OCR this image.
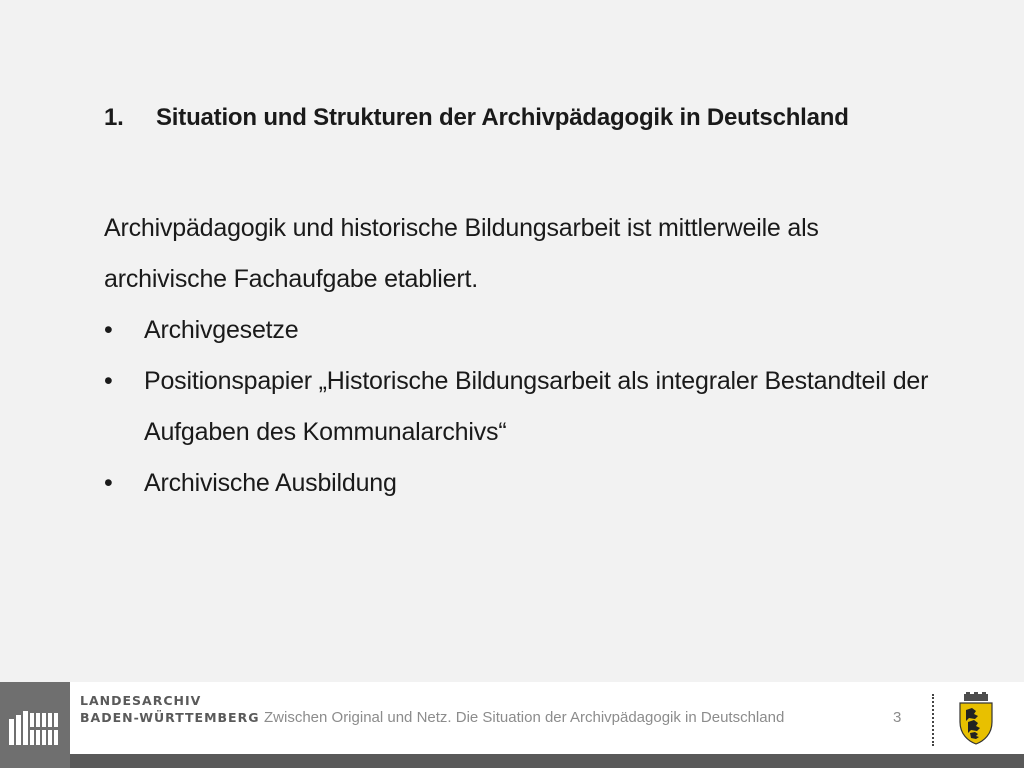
1.	Situation und Strukturen der Archivpädagogik in Deutschland
Archivpädagogik und historische Bildungsarbeit ist mittlerweile als archivische Fachaufgabe etabliert.
•	Archivgesetze
•	Positionspapier „Historische Bildungsarbeit als integraler Bestandteil der Aufgaben des Kommunalarchivs“
•	Archivische Ausbildung
LANDESARCHIV
BADEN-WÜRTTEMBERG Zwischen Original und Netz. Die Situation der Archivpädagogik in Deutschland	3
